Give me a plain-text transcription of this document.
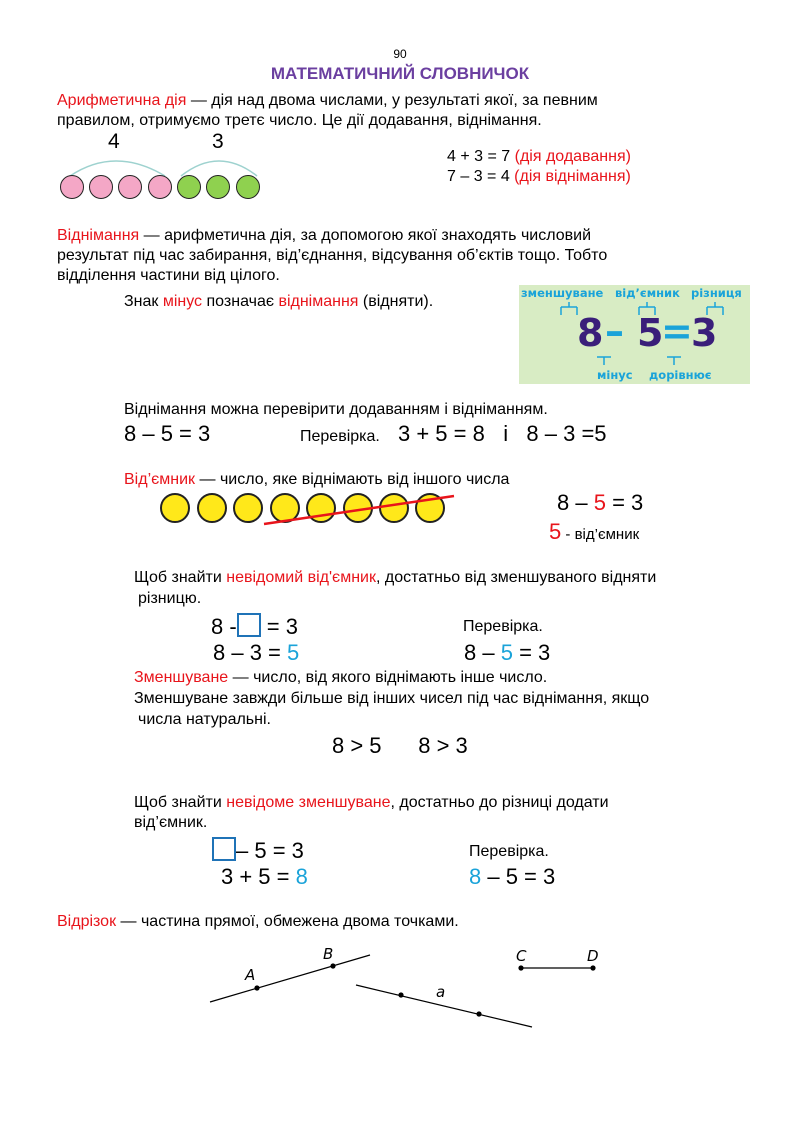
90
МАТЕМАТИЧНИЙ СЛОВНИЧОК
Арифметична дія — дія над двома числами, у результаті якої, за певним
правилом, отримуємо третє число. Це дії додавання, віднімання.
4	3
4 + 3 = 7 (дія додавання)
7 – 3 = 4 (дія віднімання)
Віднімання — арифметична дія, за допомогою якої знаходять числовий
результат під час забирання, від’єднання, відсування об’єктів тощо. Тобто
відділення частини від цілого.
Знак мінус позначає віднімання (відняти).	зменшуване від’ємник різниця
8 – 5
=
3
мінус дорівнює
Віднімання можна перевірити додаванням і відніманням.
8 – 5 = 3	Перевірка. 3 + 5 = 8   і   8 – 3 =5
Від’ємник — число, яке віднімають від іншого числа
8 – 5 = 3
5 - від’ємник
Щоб знайти невідомий від'ємник, достатньо від зменшуваного відняти
різницю.
8 - = 3	Перевірка.
8 – 3 = 5	8 – 5 = 3
Зменшуване — число, від якого віднімають інше число.
Зменшуване завжди більше від інших чисел під час віднімання, якщо
числа натуральні.
8 > 5      8 > 3
Щоб знайти невідоме зменшуване, достатньо до різниці додати
від’ємник.
– 5 = 3	Перевірка.
3 + 5 = 8	8 – 5 = 3
Відрізок — частина прямої, обмежена двома точками.
A
B	C	D
a
